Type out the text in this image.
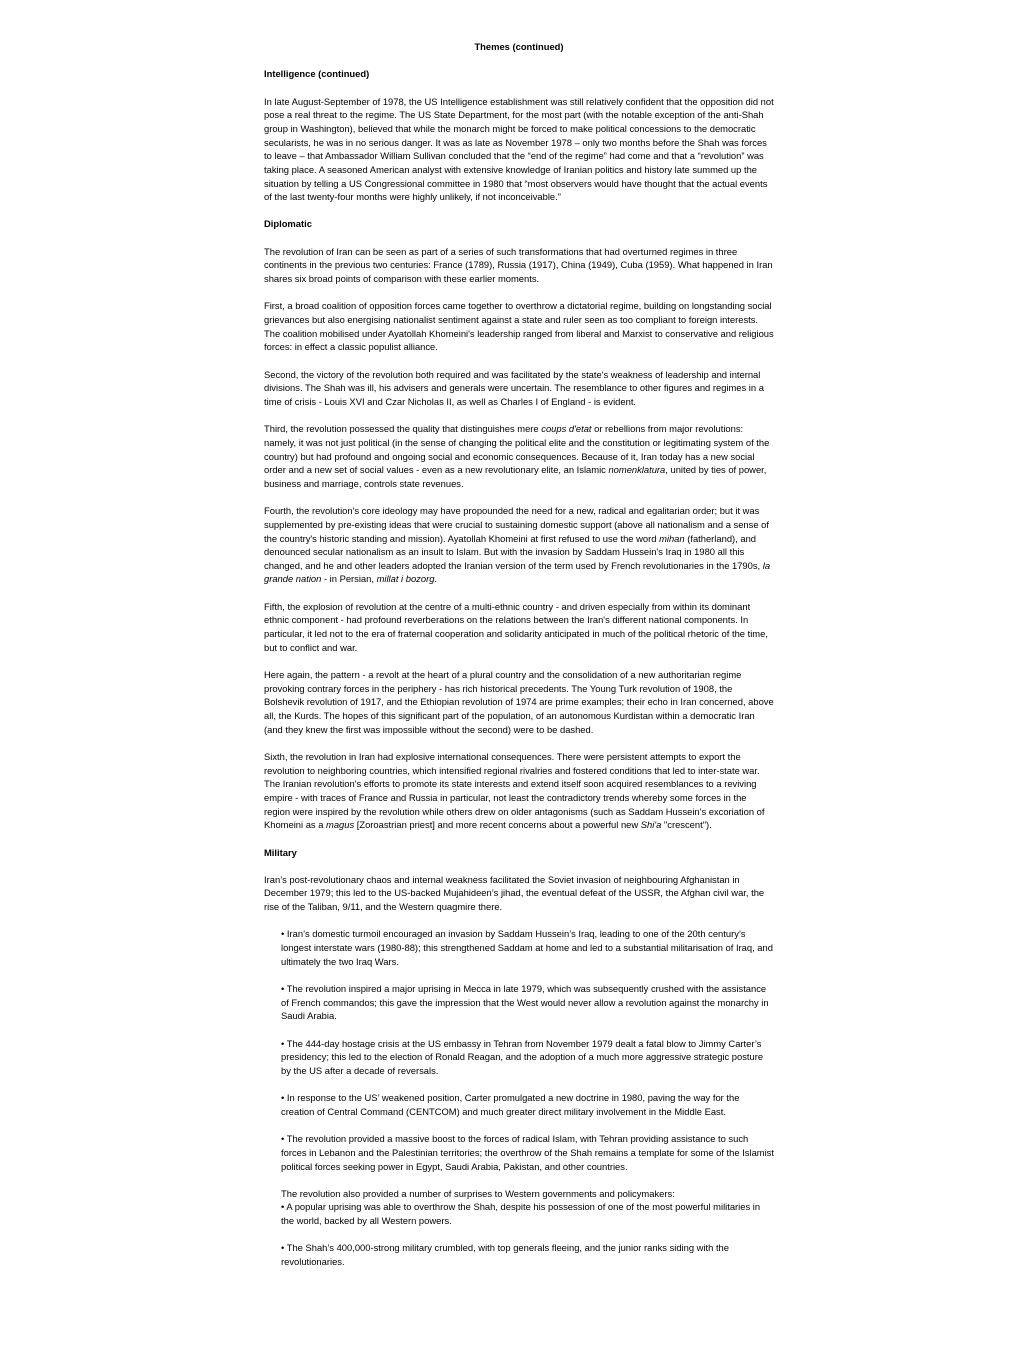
Themes (continued)
Intelligence (continued)

In late August-September of 1978, the US Intelligence establishment was still relatively confident that the opposition did not pose a real threat to the regime. The US State Department, for the most part (with the notable exception of the anti-Shah group in Washington), believed that while the monarch might be forced to make political concessions to the democratic secularists, he was in no serious danger. It was as late as November 1978 – only two months before the Shah was forces to leave – that Ambassador William Sullivan concluded that the “end of the regime” had come and that a “revolution” was taking place. A seasoned American analyst with extensive knowledge of Iranian politics and history late summed up the situation by telling a US Congressional committee in 1980 that “most observers would have thought that the actual events of the last twenty-four months were highly unlikely, if not inconceivable.”

Diplomatic

The revolution of Iran can be seen as part of a series of such transformations that had overturned regimes in three continents in the previous two centuries: France (1789), Russia (1917), China (1949), Cuba (1959). What happened in Iran shares six broad points of comparison with these earlier moments.

First, a broad coalition of opposition forces came together to overthrow a dictatorial regime, building on longstanding social grievances but also energising nationalist sentiment against a state and ruler seen as too compliant to foreign interests. The coalition mobilised under Ayatollah Khomeini's leadership ranged from liberal and Marxist to conservative and religious forces: in effect a classic populist alliance.

Second, the victory of the revolution both required and was facilitated by the state's weakness of leadership and internal divisions. The Shah was ill, his advisers and generals were uncertain. The resemblance to other figures and regimes in a time of crisis - Louis XVI and Czar Nicholas II, as well as Charles I of England - is evident.

Third, the revolution possessed the quality that distinguishes mere coups d'etat or rebellions from major revolutions: namely, it was not just political (in the sense of changing the political elite and the constitution or legitimating system of the country) but had profound and ongoing social and economic consequences. Because of it, Iran today has a new social order and a new set of social values - even as a new revolutionary elite, an Islamic nomenklatura, united by ties of power, business and marriage, controls state revenues.

Fourth, the revolution's core ideology may have propounded the need for a new, radical and egalitarian order; but it was supplemented by pre-existing ideas that were crucial to sustaining domestic support (above all nationalism and a sense of the country's historic standing and mission). Ayatollah Khomeini at first refused to use the word mihan (fatherland), and denounced secular nationalism as an insult to Islam. But with the invasion by Saddam Hussein's Iraq in 1980 all this changed, and he and other leaders adopted the Iranian version of the term used by French revolutionaries in the 1790s, la grande nation - in Persian, millat i bozorg.

Fifth, the explosion of revolution at the centre of a multi-ethnic country - and driven especially from within its dominant ethnic component - had profound reverberations on the relations between the Iran's different national components. In particular, it led not to the era of fraternal cooperation and solidarity anticipated in much of the political rhetoric of the time, but to conflict and war.

Here again, the pattern - a revolt at the heart of a plural country and the consolidation of a new authoritarian regime provoking contrary forces in the periphery - has rich historical precedents. The Young Turk revolution of 1908, the Bolshevik revolution of 1917, and the Ethiopian revolution of 1974 are prime examples; their echo in Iran concerned, above all, the Kurds. The hopes of this significant part of the population, of an autonomous Kurdistan within a democratic Iran (and they knew the first was impossible without the second) were to be dashed.

Sixth, the revolution in Iran had explosive international consequences. There were persistent attempts to export the revolution to neighboring countries, which intensified regional rivalries and fostered conditions that led to inter-state war. The Iranian revolution's efforts to promote its state interests and extend itself soon acquired resemblances to a reviving empire - with traces of France and Russia in particular, not least the contradictory trends whereby some forces in the region were inspired by the revolution while others drew on older antagonisms (such as Saddam Hussein's excoriation of Khomeini as a magus [Zoroastrian priest] and more recent concerns about a powerful new Shi'a "crescent").

Military

Iran’s post-revolutionary chaos and internal weakness facilitated the Soviet invasion of neighbouring Afghanistan in December 1979; this led to the US-backed Mujahideen’s jihad, the eventual defeat of the USSR, the Afghan civil war, the rise of the Taliban, 9/11, and the Western quagmire there.

• Iran’s domestic turmoil encouraged an invasion by Saddam Hussein’s Iraq, leading to one of the 20th century’s longest interstate wars (1980-88); this strengthened Saddam at home and led to a substantial militarisation of Iraq, and ultimately the two Iraq Wars.

• The revolution inspired a major uprising in Mecca in late 1979, which was subsequently crushed with the assistance of French commandos; this gave the impression that the West would never allow a revolution against the monarchy in Saudi Arabia.

• The 444-day hostage crisis at the US embassy in Tehran from November 1979 dealt a fatal blow to Jimmy Carter’s presidency; this led to the election of Ronald Reagan, and the adoption of a much more aggressive strategic posture by the US after a decade of reversals.

• In response to the US’ weakened position, Carter promulgated a new doctrine in 1980, paving the way for the creation of Central Command (CENTCOM) and much greater direct military involvement in the Middle East.

• The revolution provided a massive boost to the forces of radical Islam, with Tehran providing assistance to such forces in Lebanon and the Palestinian territories; the overthrow of the Shah remains a template for some of the Islamist political forces seeking power in Egypt, Saudi Arabia, Pakistan, and other countries.

The revolution also provided a number of surprises to Western governments and policymakers:
• A popular uprising was able to overthrow the Shah, despite his possession of one of the most powerful militaries in the world, backed by all Western powers.

• The Shah’s 400,000-strong military crumbled, with top generals fleeing, and the junior ranks siding with the revolutionaries.
